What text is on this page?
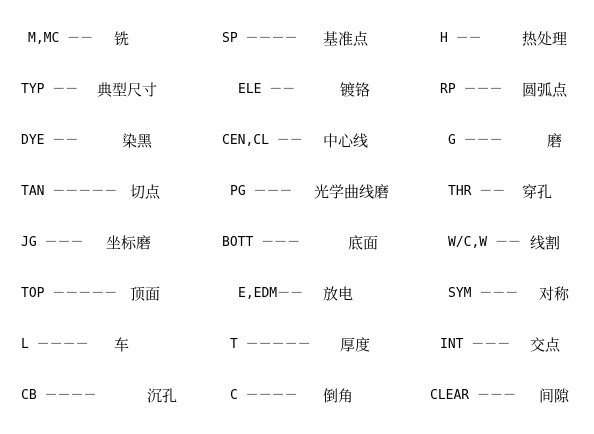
M,MC －－ 铣
TYP －－ 典型尺寸
DYE －－	染黑
TAN －－－－－ 切点
JG －－－ 坐标磨
TOP －－－－－ 顶面
L －－－－ 车
CB －－－－	沉孔
SP －－－－ 基准点
ELE －－	镀铬
CEN,CL －－ 中心线
PG －－－ 光学曲线磨
BOTT －－－	底面
E,EDM－－ 放电
T －－－－－ 厚度
C －－－－ 倒角
H －－	热处理
RP －－－ 圆弧点
G －－－	磨
THR －－ 穿孔
W/C,W －－ 线割
SYM －－－ 对称
INT －－－ 交点
CLEAR －－－ 间隙
